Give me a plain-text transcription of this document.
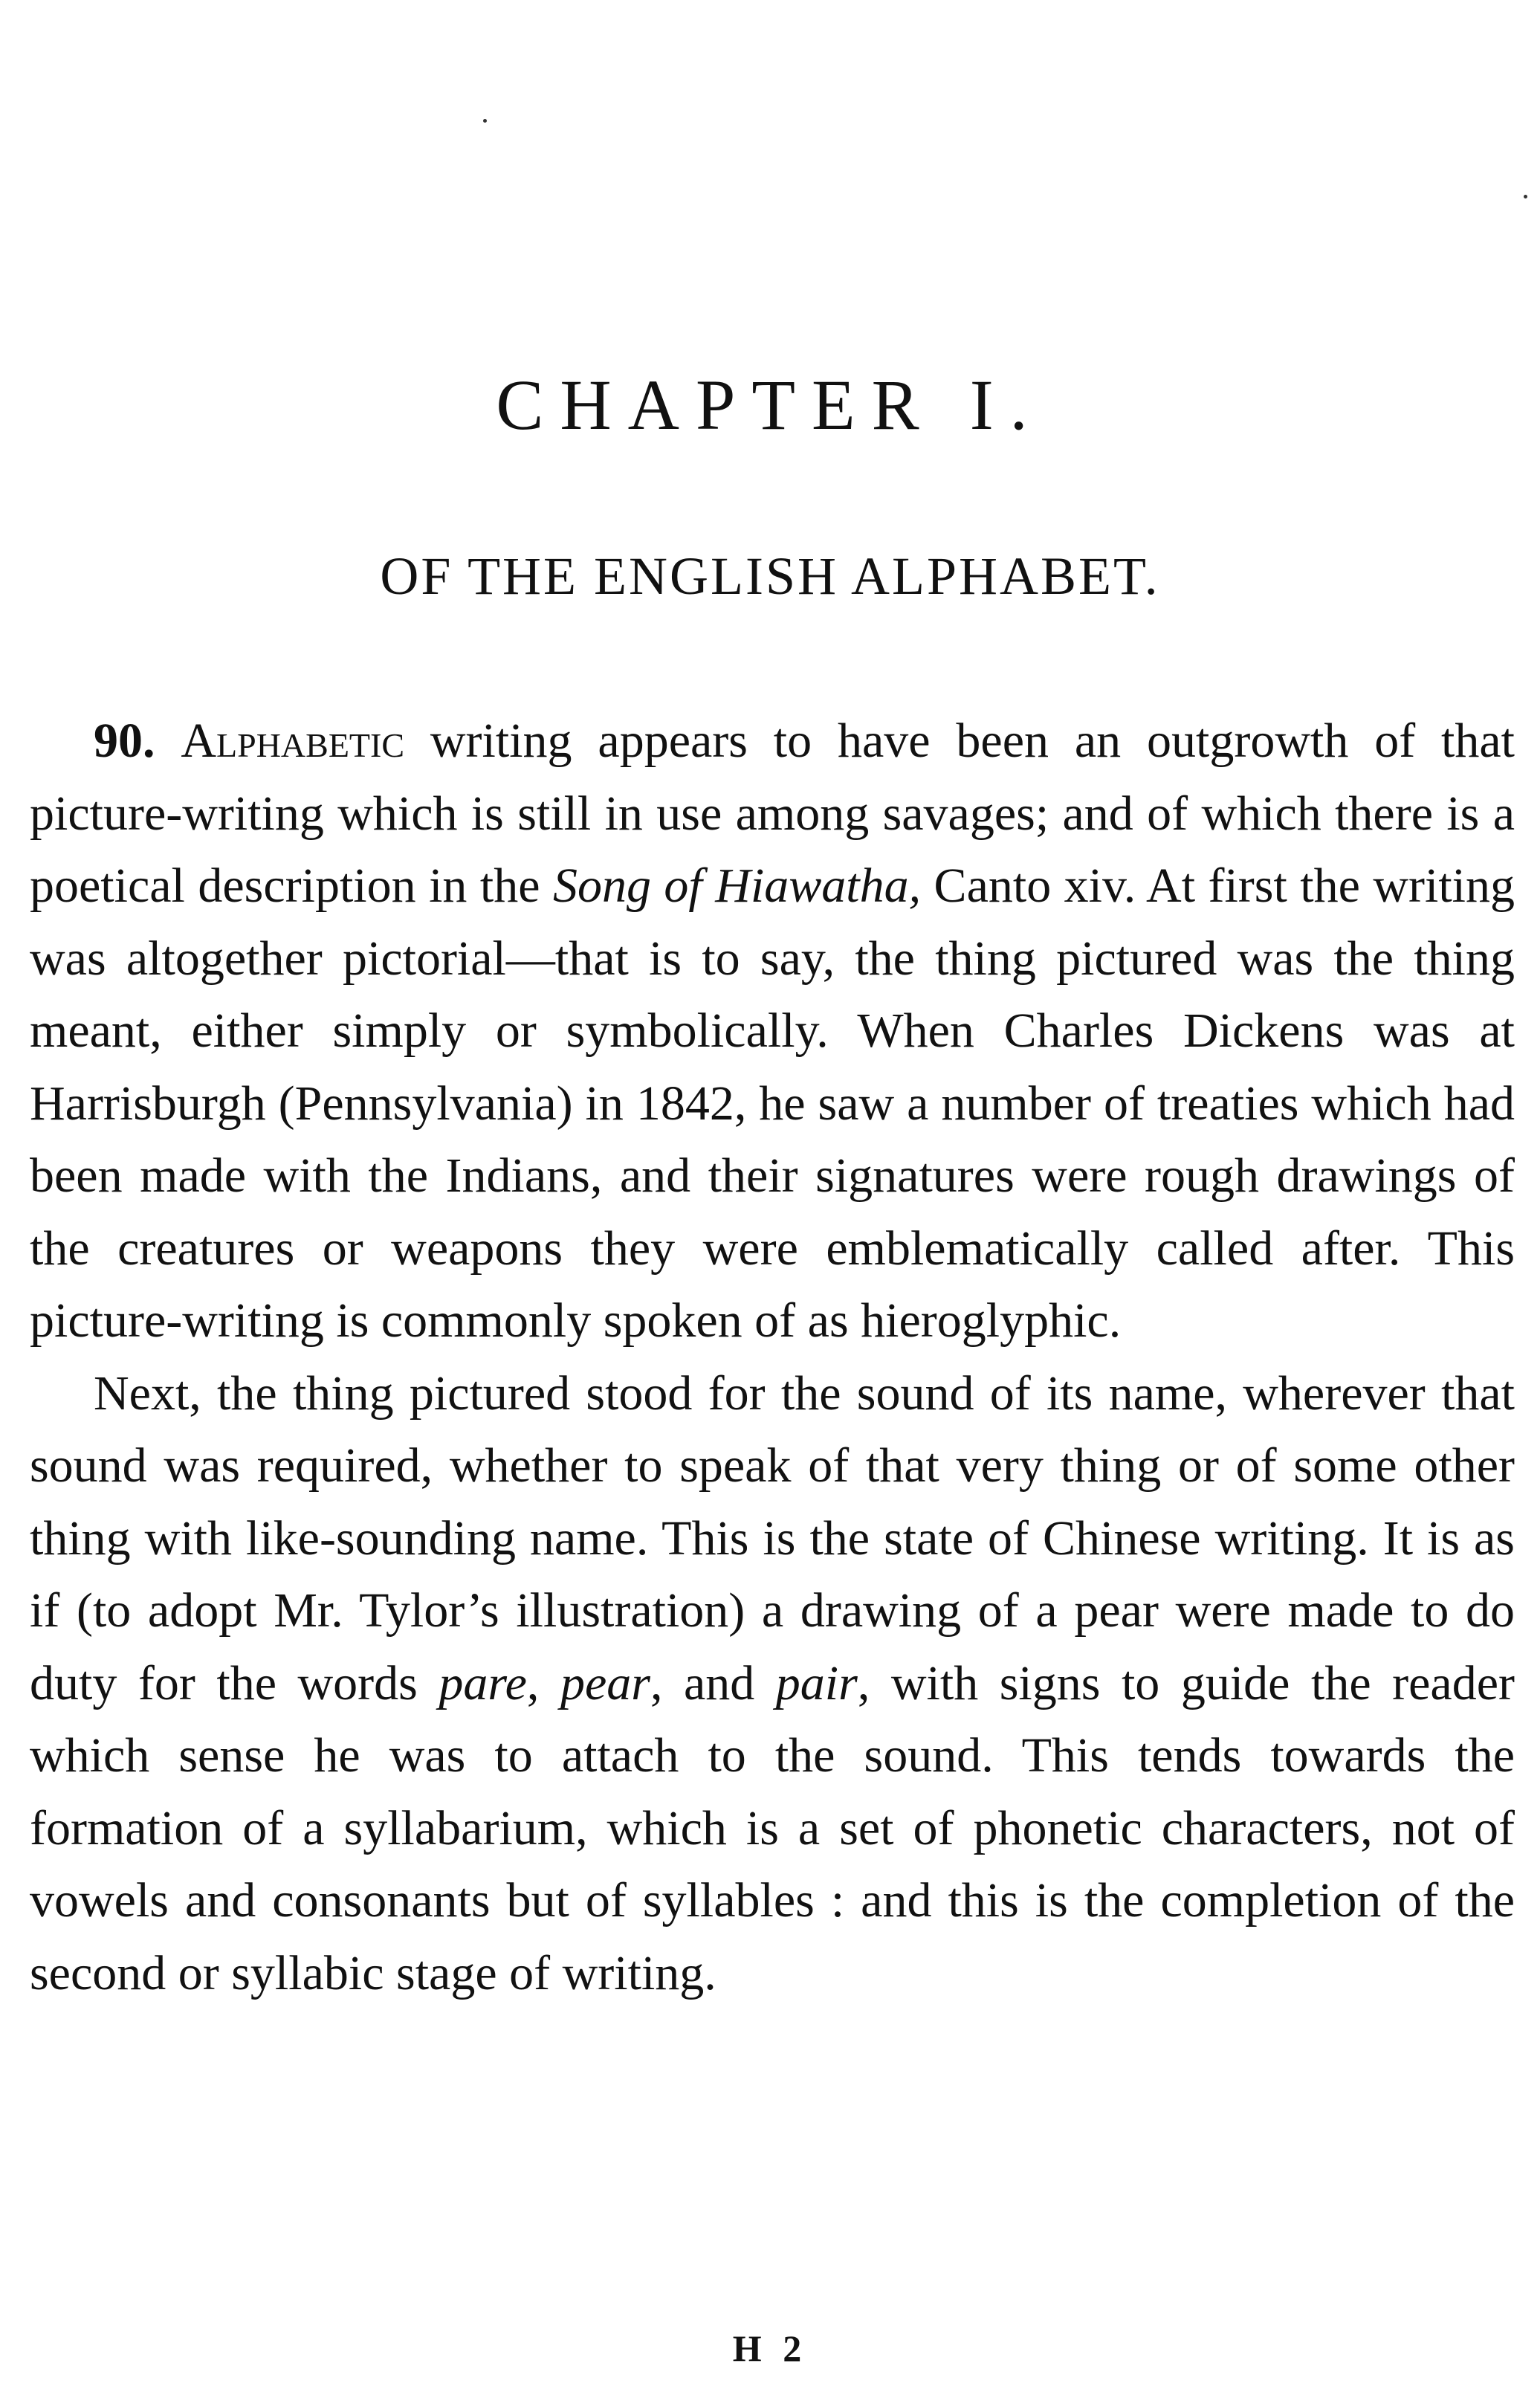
CHAPTER I.
OF THE ENGLISH ALPHABET.

90. Alphabetic writing appears to have been an outgrowth of that picture-writing which is still in use among savages; and of which there is a poetical description in the Song of Hiawatha, Canto xiv. At first the writing was altogether pictorial—that is to say, the thing pictured was the thing meant, either simply or symbolically. When Charles Dickens was at Harrisburgh (Pennsylvania) in 1842, he saw a number of treaties which had been made with the Indians, and their signatures were rough drawings of the creatures or weapons they were emblematically called after. This picture-writing is commonly spoken of as hieroglyphic.

Next, the thing pictured stood for the sound of its name, wherever that sound was required, whether to speak of that very thing or of some other thing with like-sounding name. This is the state of Chinese writing. It is as if (to adopt Mr. Tylor’s illustration) a drawing of a pear were made to do duty for the words pare, pear, and pair, with signs to guide the reader which sense he was to attach to the sound. This tends towards the formation of a syllabarium, which is a set of phonetic characters, not of vowels and consonants but of syllables : and this is the completion of the second or syllabic stage of writing.

H 2
